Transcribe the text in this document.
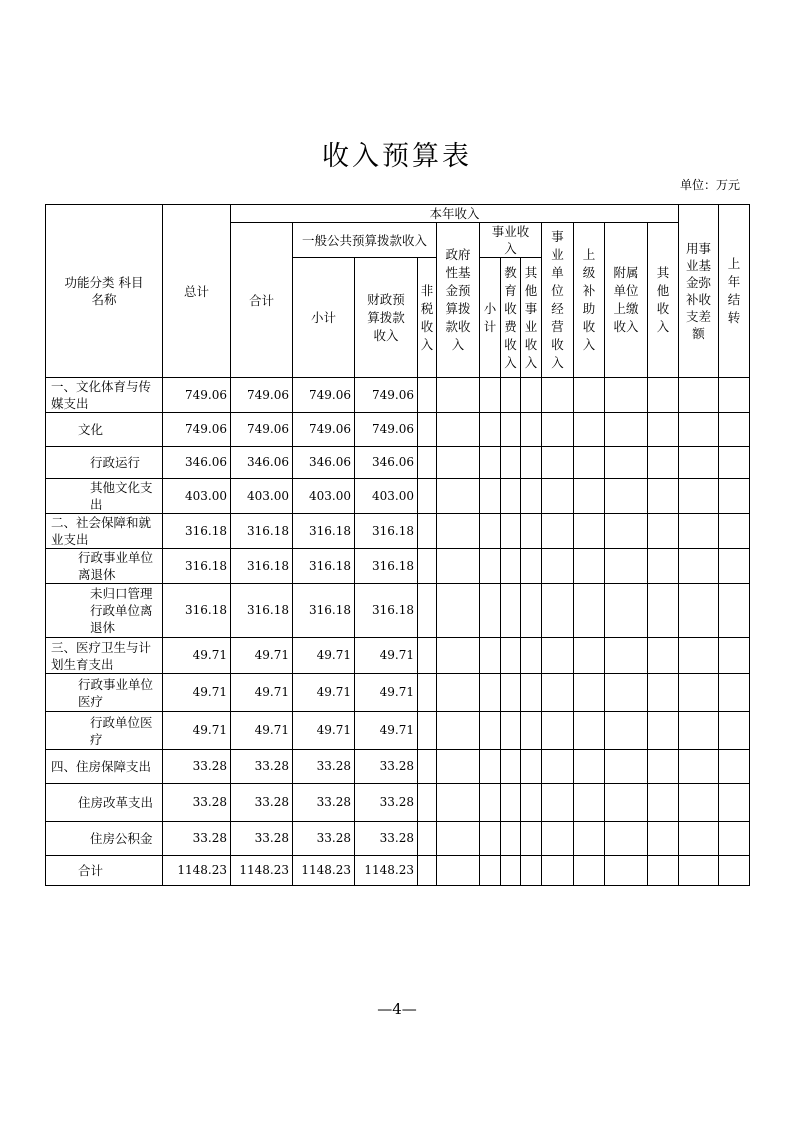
收入预算表
单位：万元
功能分类 科目名称	总计	本年收入												用事业基金弥补收支差额	上年结转
		合计	一般公共预算拨款收入			政府性基金预算拨款收入	事业收入			事业单位经营收入	上级补助收入	附属单位上缴收入	其他收入		
			小计	财政预算拨款收入	非税收入		小计	教育收费收入	其他事业收入						

一、文化体育与传媒支出	749.06	749.06	749.06	749.06											
文化	749.06	749.06	749.06	749.06											
行政运行	346.06	346.06	346.06	346.06											
其他文化支出	403.00	403.00	403.00	403.00											
二、社会保障和就业支出	316.18	316.18	316.18	316.18											
行政事业单位离退休	316.18	316.18	316.18	316.18											
未归口管理行政单位离退休	316.18	316.18	316.18	316.18											
三、医疗卫生与计划生育支出	49.71	49.71	49.71	49.71											
行政事业单位医疗	49.71	49.71	49.71	49.71											
行政单位医疗	49.71	49.71	49.71	49.71											
四、住房保障支出	33.28	33.28	33.28	33.28											
住房改革支出	33.28	33.28	33.28	33.28											
住房公积金	33.28	33.28	33.28	33.28											
合计	1148.23	1148.23	1148.23	1148.23											
—4—
